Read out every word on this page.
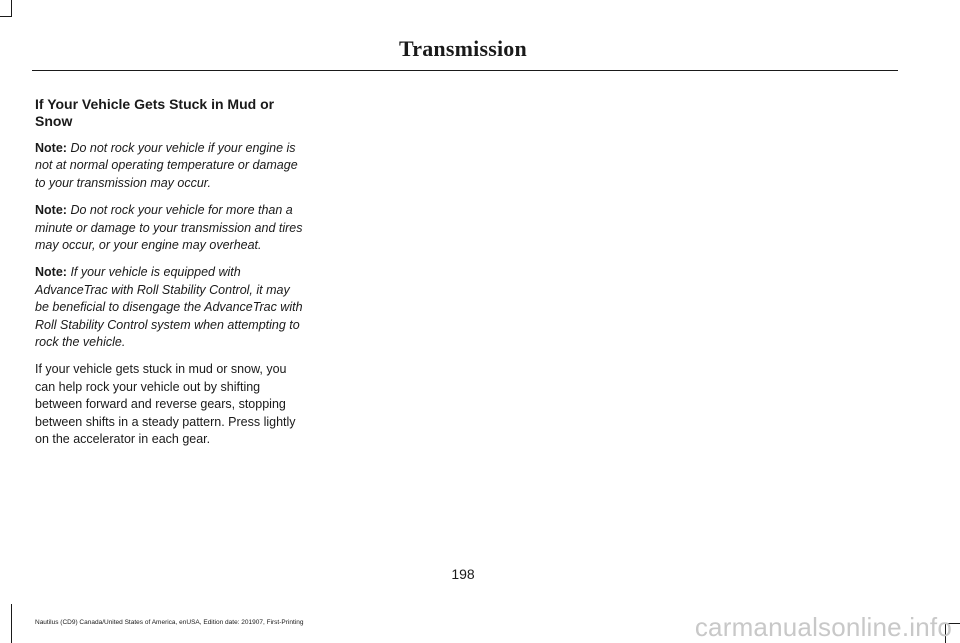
Transmission
If Your Vehicle Gets Stuck in Mud or Snow

Note: Do not rock your vehicle if your engine is not at normal operating temperature or damage to your transmission may occur.

Note: Do not rock your vehicle for more than a minute or damage to your transmission and tires may occur, or your engine may overheat.

Note: If your vehicle is equipped with AdvanceTrac with Roll Stability Control, it may be beneficial to disengage the AdvanceTrac with Roll Stability Control system when attempting to rock the vehicle.

If your vehicle gets stuck in mud or snow, you can help rock your vehicle out by shifting between forward and reverse gears, stopping between shifts in a steady pattern. Press lightly on the accelerator in each gear.

198
Nautilus (CD9) Canada/United States of America, enUSA, Edition date: 201907, First-Printing	carmanualsonline.info
